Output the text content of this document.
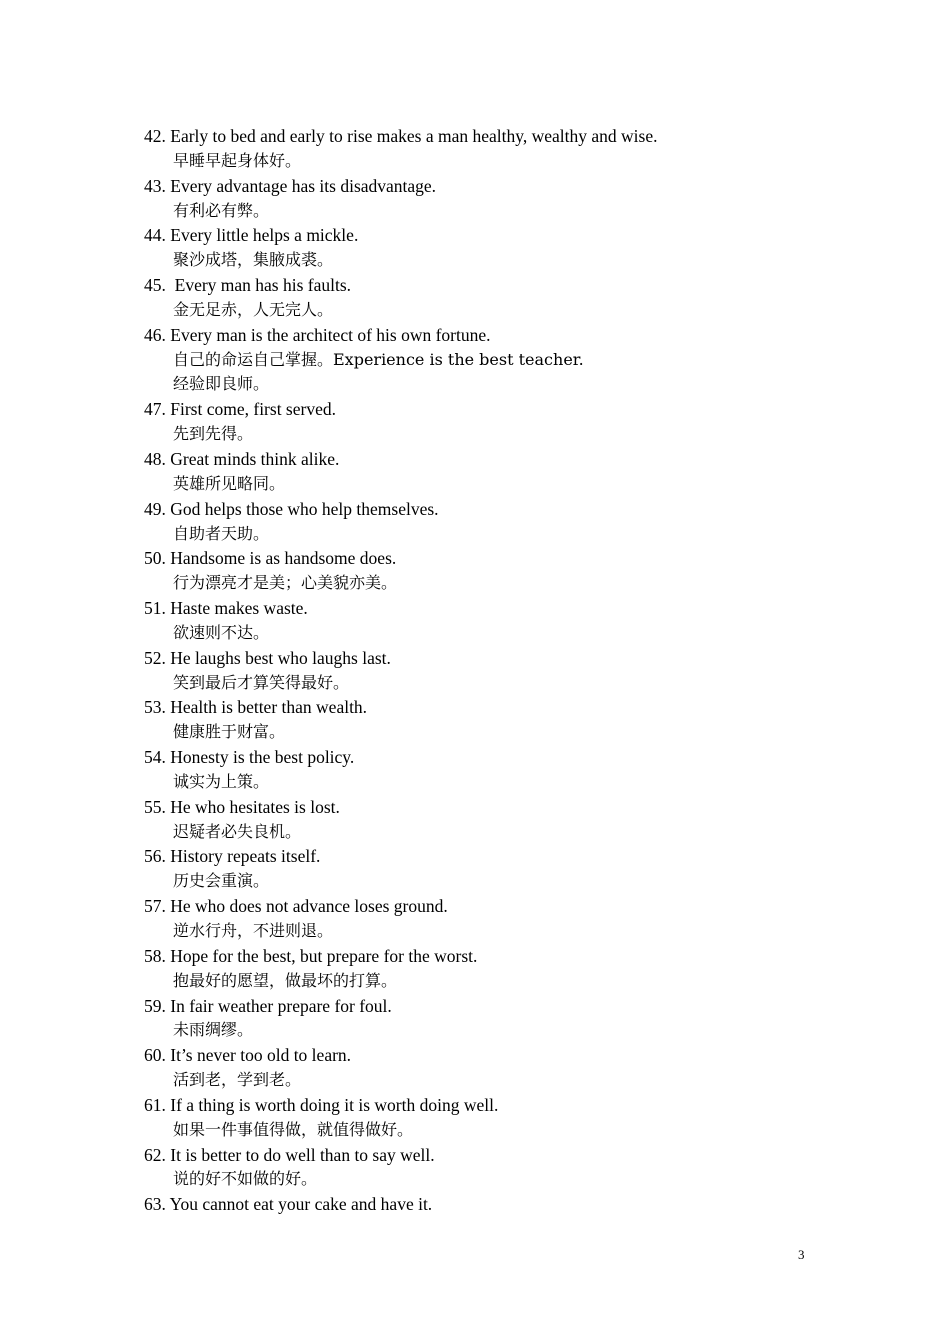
42. Early to bed and early to rise makes a man healthy, wealthy and wise.
早睡早起身体好。
43. Every advantage has its disadvantage.
有利必有弊。
44. Every little helps a mickle.
聚沙成塔，集腋成裘。
45.  Every man has his faults.
金无足赤，人无完人。
46. Every man is the architect of his own fortune.
自己的命运自己掌握。Experience is the best teacher.
经验即良师。
47. First come, first served.
先到先得。
48. Great minds think alike.
英雄所见略同。
49. God helps those who help themselves.
自助者天助。
50. Handsome is as handsome does.
行为漂亮才是美；心美貌亦美。
51. Haste makes waste.
欲速则不达。
52. He laughs best who laughs last.
笑到最后才算笑得最好。
53. Health is better than wealth.
健康胜于财富。
54. Honesty is the best policy.
诚实为上策。
55. He who hesitates is lost.
迟疑者必失良机。
56. History repeats itself.
历史会重演。
57. He who does not advance loses ground.
逆水行舟，不进则退。
58. Hope for the best, but prepare for the worst.
抱最好的愿望，做最坏的打算。
59. In fair weather prepare for foul.
未雨绸缪。
60. It’s never too old to learn.
活到老，学到老。
61. If a thing is worth doing it is worth doing well.
如果一件事值得做，就值得做好。
62. It is better to do well than to say well.
说的好不如做的好。
63. You cannot eat your cake and have it.
3
